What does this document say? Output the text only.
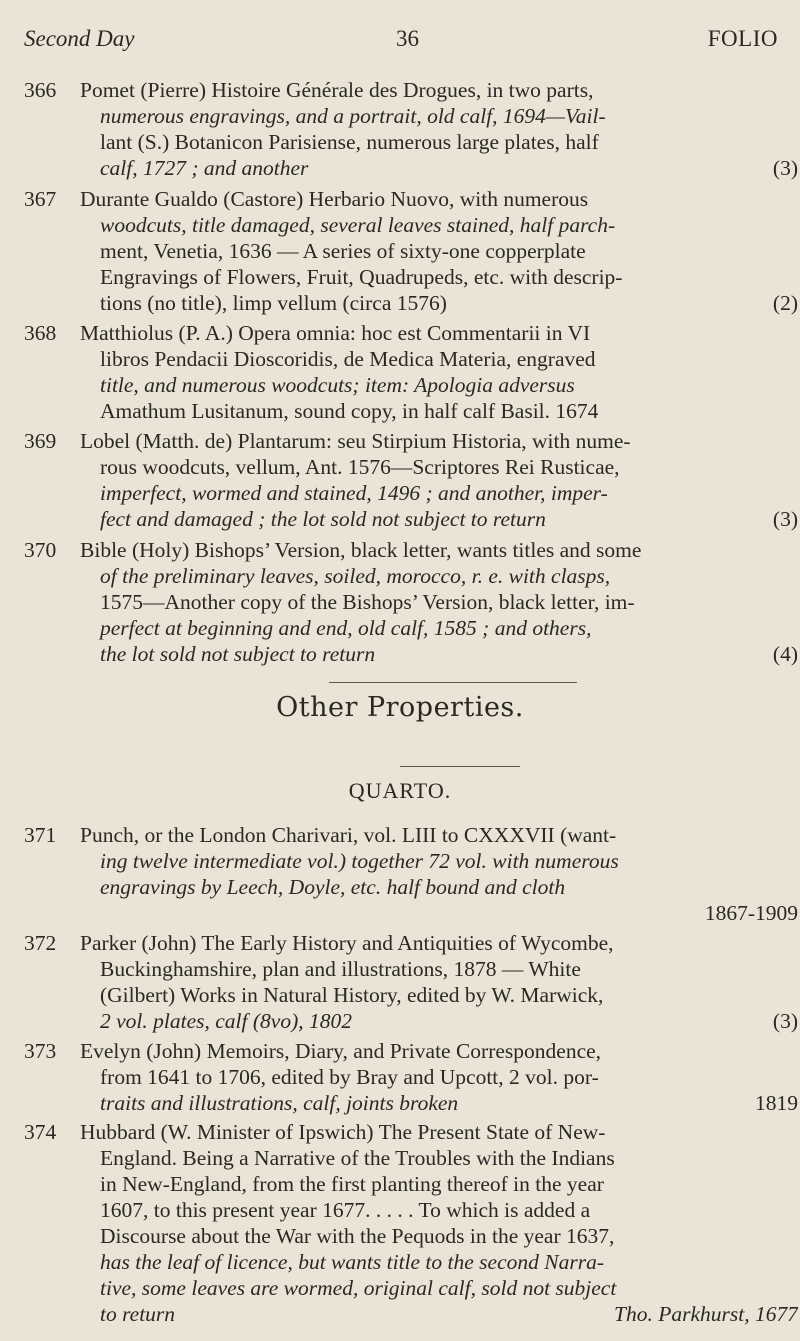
Second Day	36	FOLIO
366	Pomet (Pierre) Histoire Générale des Drogues, in two parts,
numerous engravings, and a portrait, old calf, 1694—Vail-
lant (S.) Botanicon Parisiense, numerous large plates, half
calf, 1727 ; and another	(3)
367	Durante Gualdo (Castore) Herbario Nuovo, with numerous
woodcuts, title damaged, several leaves stained, half parch-
ment, Venetia, 1636 — A series of sixty-one copperplate
Engravings of Flowers, Fruit, Quadrupeds, etc. with descrip-
tions (no title), limp vellum (circa 1576)	(2)
368	Matthiolus (P. A.) Opera omnia: hoc est Commentarii in VI
libros Pendacii Dioscoridis, de Medica Materia, engraved
title, and numerous woodcuts; item: Apologia adversus
Amathum Lusitanum, sound copy, in half calf Basil. 1674
369	Lobel (Matth. de) Plantarum: seu Stirpium Historia, with nume-
rous woodcuts, vellum, Ant. 1576—Scriptores Rei Rusticae,
imperfect, wormed and stained, 1496 ; and another, imper-
fect and damaged ; the lot sold not subject to return	(3)
370	Bible (Holy) Bishops’ Version, black letter, wants titles and some
of the preliminary leaves, soiled, morocco, r. e. with clasps,
1575—Another copy of the Bishops’ Version, black letter, im-
perfect at beginning and end, old calf, 1585 ; and others,
the lot sold not subject to return	(4)
Other Properties.
QUARTO.
371	Punch, or the London Charivari, vol. LIII to CXXXVII (want-
ing twelve intermediate vol.) together 72 vol. with numerous
engravings by Leech, Doyle, etc. half bound and cloth
1867-1909
372	Parker (John) The Early History and Antiquities of Wycombe,
Buckinghamshire, plan and illustrations, 1878 — White
(Gilbert) Works in Natural History, edited by W. Marwick,
2 vol. plates, calf (8vo), 1802	(3)
373	Evelyn (John) Memoirs, Diary, and Private Correspondence,
from 1641 to 1706, edited by Bray and Upcott, 2 vol. por-
traits and illustrations, calf, joints broken	1819
374	Hubbard (W. Minister of Ipswich) The Present State of New-
England. Being a Narrative of the Troubles with the Indians
in New-England, from the first planting thereof in the year
1607, to this present year 1677. . . . . To which is added a
Discourse about the War with the Pequods in the year 1637,
has the leaf of licence, but wants title to the second Narra-
tive, some leaves are wormed, original calf, sold not subject
to return	Tho. Parkhurst, 1677
